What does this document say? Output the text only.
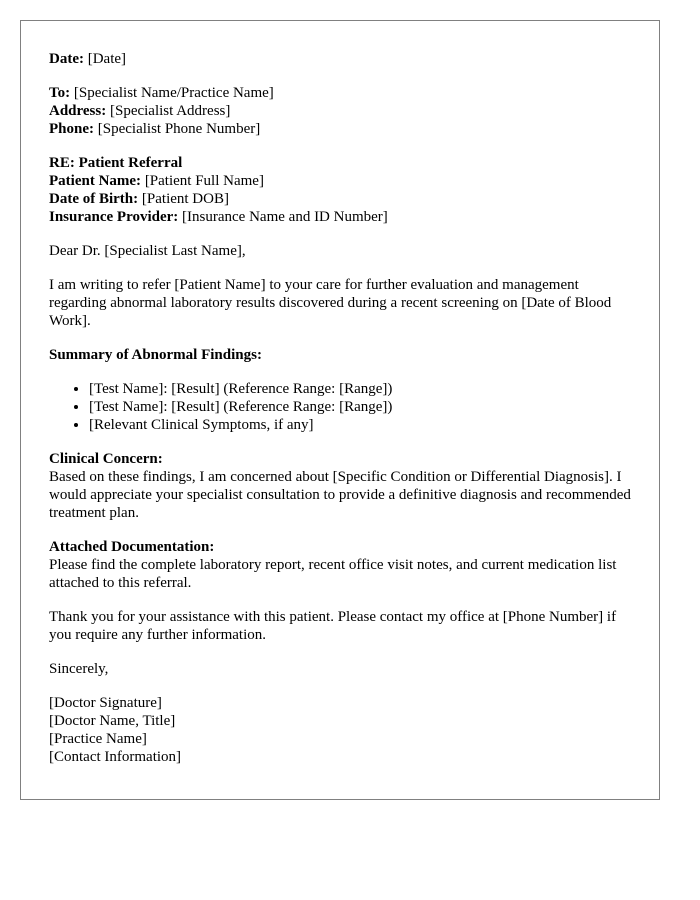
Date: [Date]
To: [Specialist Name/Practice Name]
Address: [Specialist Address]
Phone: [Specialist Phone Number]
RE: Patient Referral
Patient Name: [Patient Full Name]
Date of Birth: [Patient DOB]
Insurance Provider: [Insurance Name and ID Number]

Dear Dr. [Specialist Last Name],

I am writing to refer [Patient Name] to your care for further evaluation and management regarding abnormal laboratory results discovered during a recent screening on [Date of Blood Work].

Summary of Abnormal Findings:

• [Test Name]: [Result] (Reference Range: [Range])
• [Test Name]: [Result] (Reference Range: [Range])
• [Relevant Clinical Symptoms, if any]
Clinical Concern:
Based on these findings, I am concerned about [Specific Condition or Differential Diagnosis]. I would appreciate your specialist consultation to provide a definitive diagnosis and recommended treatment plan.
Attached Documentation:
Please find the complete laboratory report, recent office visit notes, and current medication list attached to this referral.

Thank you for your assistance with this patient. Please contact my office at [Phone Number] if you require any further information.

Sincerely,

[Doctor Signature]
[Doctor Name, Title]
[Practice Name]
[Contact Information]
